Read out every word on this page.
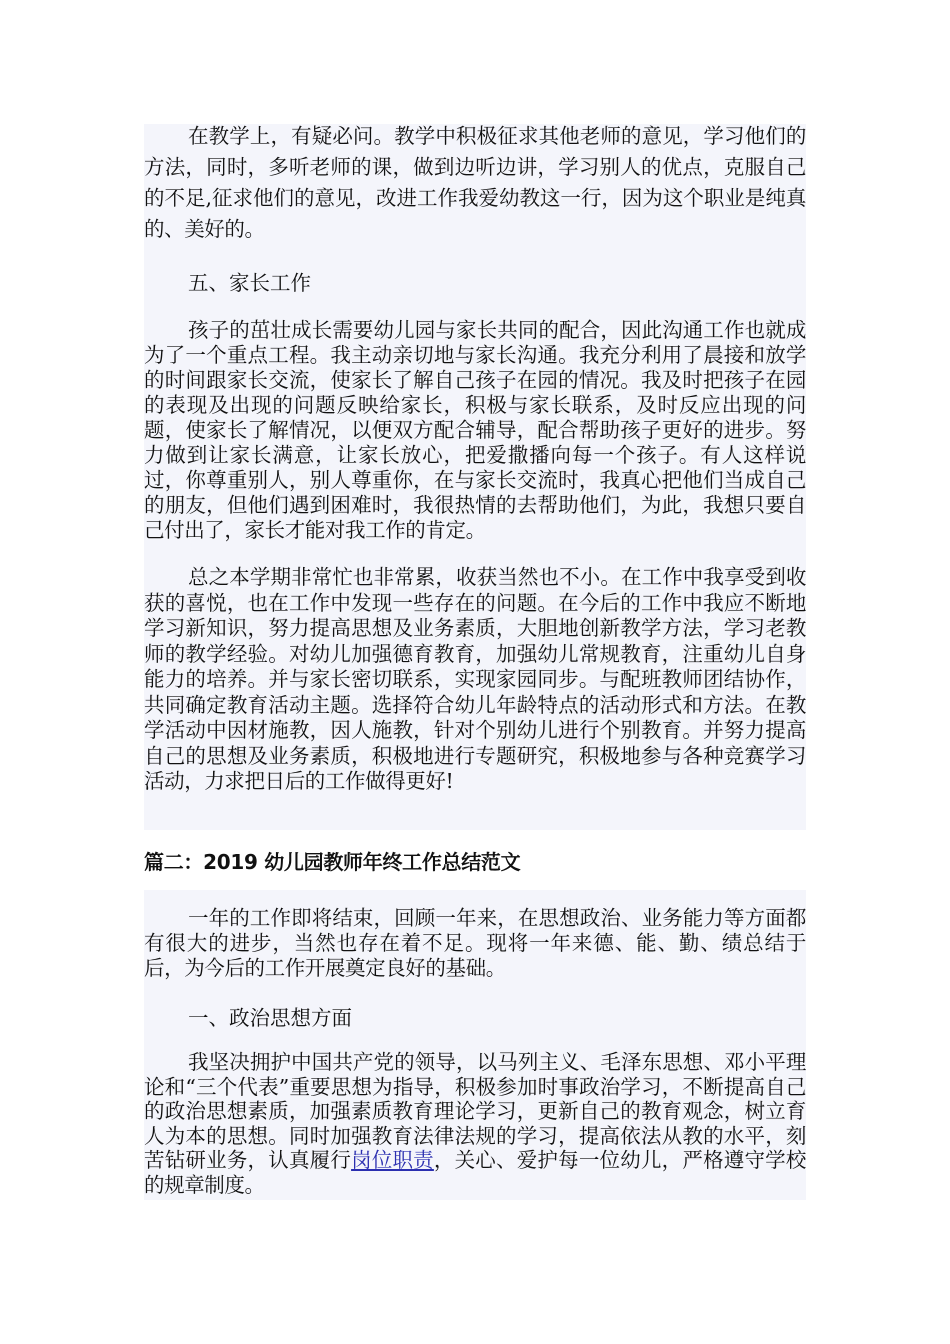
在教学上，有疑必问。教学中积极征求其他老师的意见，学习他们的方法，同时，多听老师的课，做到边听边讲，学习别人的优点，克服自己的不足,征求他们的意见，改进工作我爱幼教这一行，因为这个职业是纯真的、美好的。

五、家长工作

孩子的茁壮成长需要幼儿园与家长共同的配合，因此沟通工作也就成为了一个重点工程。我主动亲切地与家长沟通。我充分利用了晨接和放学的时间跟家长交流，使家长了解自己孩子在园的情况。我及时把孩子在园的表现及出现的问题反映给家长，积极与家长联系，及时反应出现的问题，使家长了解情况，以便双方配合辅导，配合帮助孩子更好的进步。努力做到让家长满意，让家长放心，把爱撒播向每一个孩子。有人这样说过，你尊重别人，别人尊重你，在与家长交流时，我真心把他们当成自己的朋友，但他们遇到困难时，我很热情的去帮助他们，为此，我想只要自己付出了，家长才能对我工作的肯定。

总之本学期非常忙也非常累，收获当然也不小。在工作中我享受到收获的喜悦，也在工作中发现一些存在的问题。在今后的工作中我应不断地学习新知识，努力提高思想及业务素质，大胆地创新教学方法，学习老教师的教学经验。对幼儿加强德育教育，加强幼儿常规教育，注重幼儿自身能力的培养。并与家长密切联系，实现家园同步。与配班教师团结协作，共同确定教育活动主题。选择符合幼儿年龄特点的活动形式和方法。在教学活动中因材施教，因人施教，针对个别幼儿进行个别教育。并努力提高自己的思想及业务素质，积极地进行专题研究，积极地参与各种竞赛学习活动，力求把日后的工作做得更好!

篇二：2019 幼儿园教师年终工作总结范文

一年的工作即将结束，回顾一年来，在思想政治、业务能力等方面都有很大的进步，当然也存在着不足。现将一年来德、能、勤、绩总结于后，为今后的工作开展奠定良好的基础。

一、政治思想方面

我坚决拥护中国共产党的领导，以马列主义、毛泽东思想、邓小平理论和“三个代表”重要思想为指导，积极参加时事政治学习，不断提高自己的政治思想素质，加强素质教育理论学习，更新自己的教育观念，树立育人为本的思想。同时加强教育法律法规的学习，提高依法从教的水平，刻苦钻研业务，认真履行岗位职责，关心、爱护每一位幼儿，严格遵守学校的规章制度。
